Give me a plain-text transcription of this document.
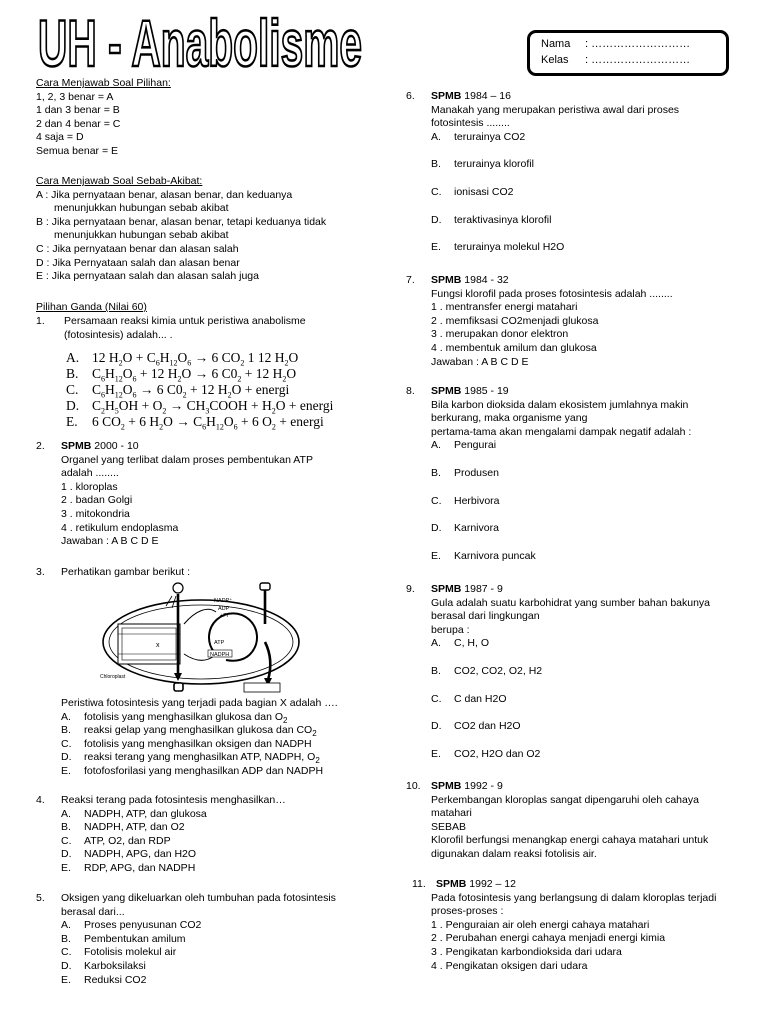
UH - Anabolisme	Nama : ………………………
Kelas : ………………………
Cara Menjawab Soal Pilihan:
1, 2, 3 benar = A
1 dan 3 benar = B
2 dan 4 benar = C
4 saja = D
Semua benar = E
Cara Menjawab Soal Sebab-Akibat:
A : Jika pernyataan benar, alasan benar, dan keduanya
menunjukkan hubungan sebab akibat
B : Jika pernyataan benar, alasan benar, tetapi keduanya tidak
menunjukkan hubungan sebab akibat
C : Jika pernyataan benar dan alasan salah
D : Jika Pernyataan salah dan alasan benar
E : Jika pernyataan salah dan alasan salah juga
Pilihan Ganda (Nilai 60)
1. Persamaan reaksi kimia untuk peristiwa anabolisme
(fotosintesis) adalah... .
A. 12 $H_2O + C_6H_{12}O_6 \to 6$ $CO_2$ 1 12 $H_2O$
B. $C_6H_{12}O_6 + 12$ $H_2O \to 6$ $C0_2 + 12$ $H_2O$
C. $C_6H_{12}O_6 \to 6$ $C0_2 + 12$ $H_2O$ + energi
D. $C_2H_5OH + O_2$ → $CH_3COOH + H_2O$ + energi
E. 6 $CO_2 + 6$ $H_2O \to C_6H_{12}O_6 + 6$ $O_2$ + energi
2. SPMB 2000 - 10
Organel yang terlibat dalam proses pembentukan ATP
adalah ........
1 . kloroplas
2 . badan Golgi
3 . mitokondria
4 . retikulum endoplasma
Jawaban : A B C D E
3. Perhatikan gambar berikut :
x
NADP⁺
ADP
+Pi
ATP
NADPH
Chloroplast
Peristiwa fotosintesis yang terjadi pada bagian X adalah ….
A. fotolisis yang menghasilkan glukosa dan $O_2$
B. reaksi gelap yang menghasilkan glukosa dan $CO_2$
C. fotolisis yang menghasilkan oksigen dan NADPH
D. reaksi terang yang menghasilkan ATP, NADPH, $O_2$
E. fotofosforilasi yang menghasilkan ADP dan NADPH
4. Reaksi terang pada fotosintesis menghasilkan…
A. NADPH, ATP, dan glukosa
B. NADPH, ATP, dan O2
C. ATP, O2, dan RDP
D. NADPH, APG, dan H2O
E. RDP, APG, dan NADPH
5. Oksigen yang dikeluarkan oleh tumbuhan pada fotosintesis
berasal dari...
A. Proses penyusunan CO2
B. Pembentukan amilum
C. Fotolisis molekul air
D. Karboksilaksi
E. Reduksi CO2
6. SPMB 1984 – 16
Manakah yang merupakan peristiwa awal dari proses
fotosintesis ........
A. terurainya CO2
B. terurainya klorofil
C. ionisasi CO2
D. teraktivasinya klorofil
E. terurainya molekul H2O
7. SPMB 1984 - 32
Fungsi klorofil pada proses fotosintesis adalah ........
1 . mentransfer energi matahari
2 . memfiksasi CO2menjadi glukosa
3 . merupakan donor elektron
4 . membentuk amilum dan glukosa
Jawaban : A B C D E
8. SPMB 1985 - 19
Bila karbon dioksida dalam ekosistem jumlahnya makin
berkurang, maka organisme yang
pertama-tama akan mengalami dampak negatif adalah :
A. Pengurai
B. Produsen
C. Herbivora
D. Karnivora
E. Karnivora puncak
9. SPMB 1987 - 9
Gula adalah suatu karbohidrat yang sumber bahan bakunya
berasal dari lingkungan
berupa :
A. C, H, O
B. CO2, CO2, O2, H2
C. C dan H2O
D. CO2 dan H2O
E. CO2, H2O dan O2
10. SPMB 1992 - 9
Perkembangan kloroplas sangat dipengaruhi oleh cahaya
matahari
SEBAB
Klorofil berfungsi menangkap energi cahaya matahari untuk
digunakan dalam reaksi fotolisis air.
11. SPMB 1992 – 12
Pada fotosintesis yang berlangsung di dalam kloroplas terjadi
proses-proses :
1 . Penguraian air oleh energi cahaya matahari
2 . Perubahan energi cahaya menjadi energi kimia
3 . Pengikatan karbondioksida dari udara
4 . Pengikatan oksigen dari udara
